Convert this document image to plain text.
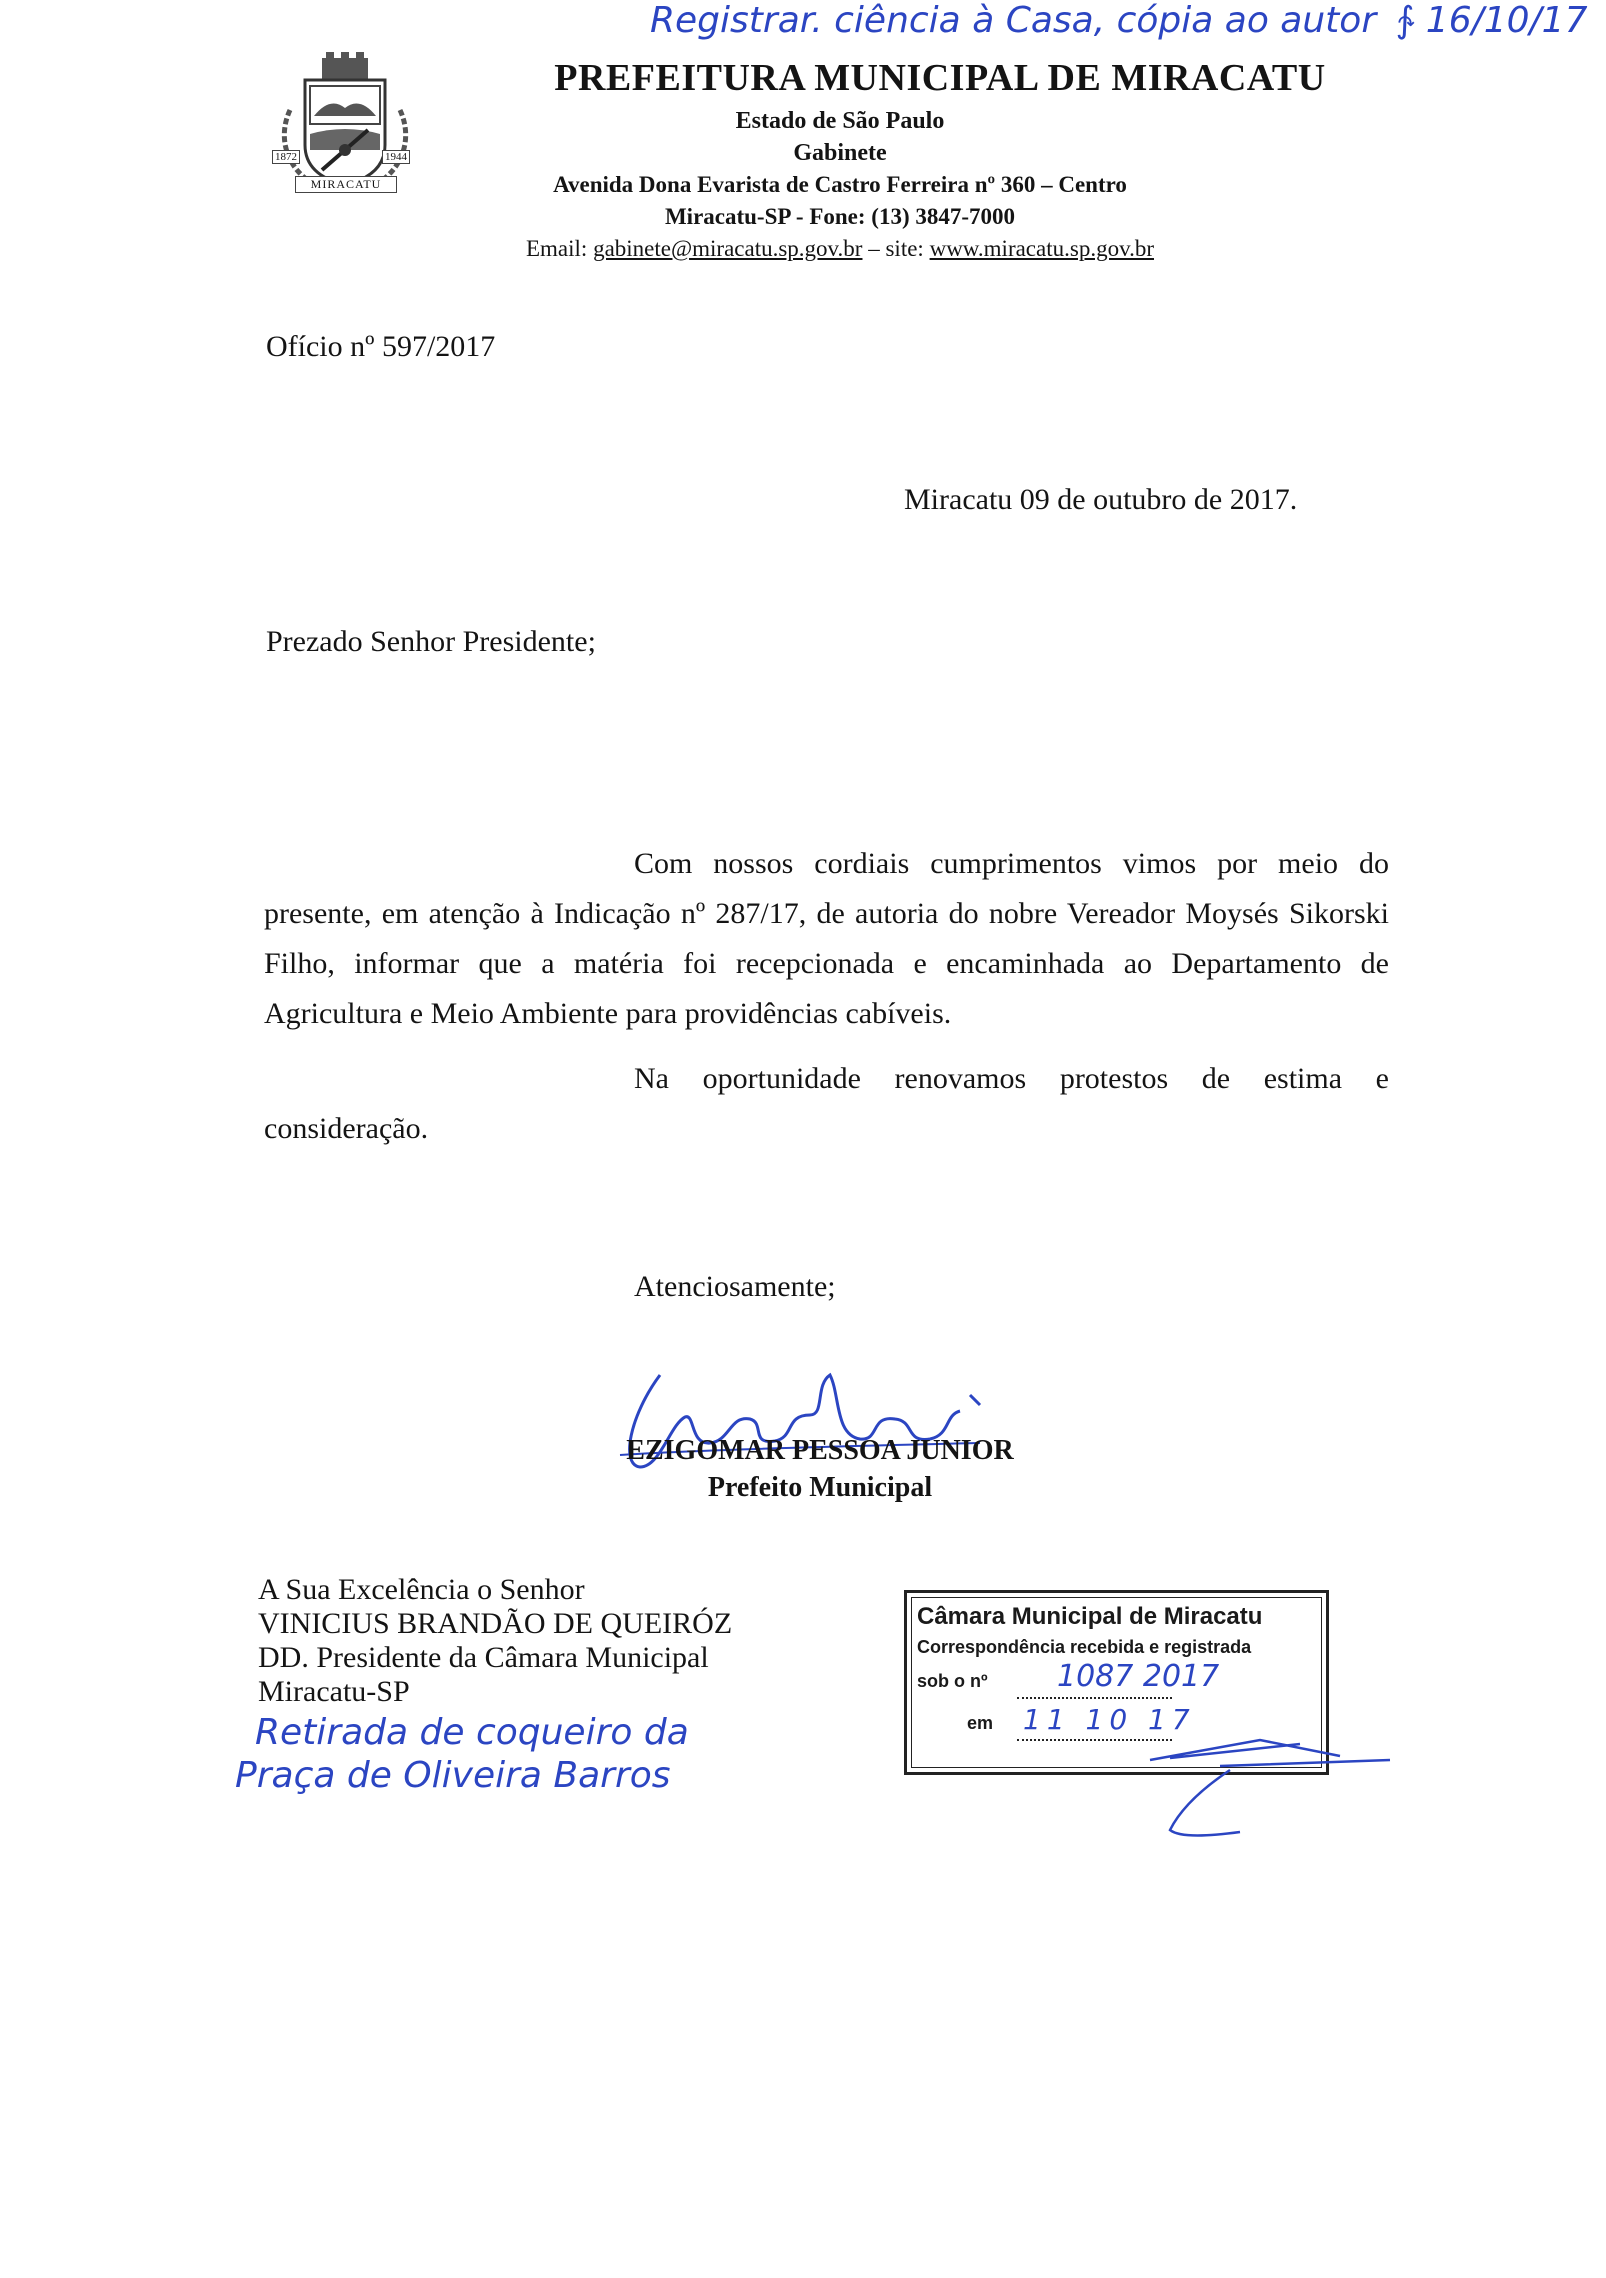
Registrar. ciência à Casa, cópia ao autor ∱ 16/10/17
1872	1944
MIRACATU
PREFEITURA MUNICIPAL DE MIRACATU
Estado de São Paulo
Gabinete
Avenida Dona Evarista de Castro Ferreira nº 360 – Centro
Miracatu-SP - Fone: (13) 3847-7000
Email: gabinete@miracatu.sp.gov.br – site: www.miracatu.sp.gov.br
Ofício nº 597/2017
Miracatu 09 de outubro de 2017.
Prezado Senhor Presidente;

Com nossos cordiais cumprimentos vimos por meio do presente, em atenção à Indicação nº 287/17, de autoria do nobre Vereador Moysés Sikorski Filho, informar que a matéria foi recepcionada e encaminhada ao Departamento de Agricultura e Meio Ambiente para providências cabíveis.

Na oportunidade renovamos protestos de estima e consideração.

Atenciosamente;
EZIGOMAR PESSOA JUNIOR
Prefeito Municipal
A Sua Excelência o Senhor
VINICIUS BRANDÃO DE QUEIRÓZ
DD. Presidente da Câmara Municipal
Miracatu-SP
Retirada de coqueiro da
Praça de Oliveira Barros
Câmara Municipal de Miracatu
Correspondência recebida e registrada
sob o nº 1087 2017
em 11 10 17
